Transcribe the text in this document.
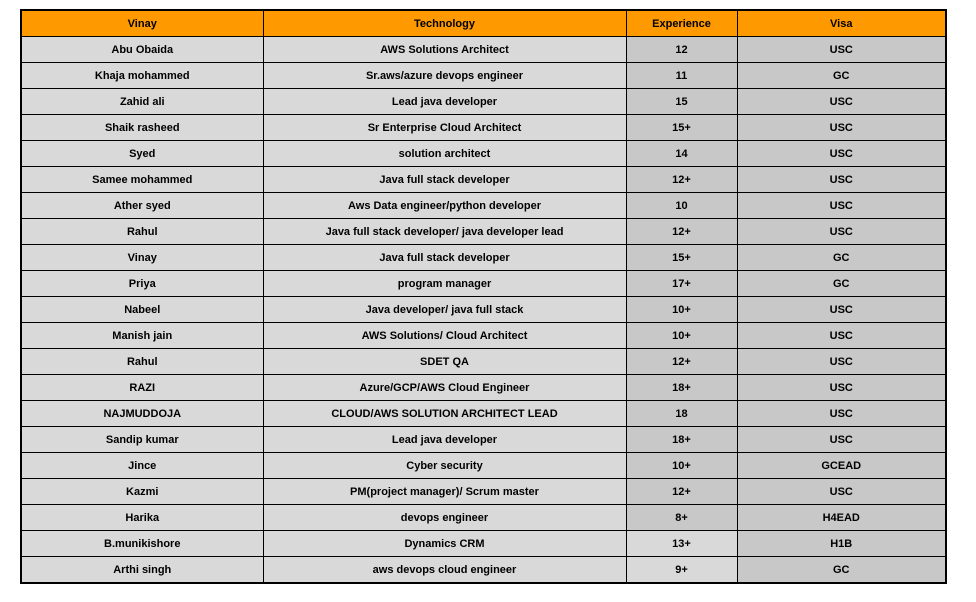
Vinay	Technology	Experience	Visa
Abu Obaida	AWS Solutions Architect	12	USC
Khaja mohammed	Sr.aws/azure devops engineer	11	GC
Zahid ali	Lead java developer	15	USC
Shaik rasheed	Sr Enterprise Cloud Architect	15+	USC
Syed	solution architect	14	USC
Samee mohammed	Java full stack developer	12+	USC
Ather syed	Aws Data engineer/python developer	10	USC
Rahul	Java full stack developer/ java developer lead	12+	USC
Vinay	Java full stack developer	15+	GC
Priya	program manager	17+	GC
Nabeel	Java developer/ java full stack	10+	USC
Manish jain	AWS Solutions/ Cloud Architect	10+	USC
Rahul	SDET QA	12+	USC
RAZI	Azure/GCP/AWS Cloud Engineer	18+	USC
NAJMUDDOJA	CLOUD/AWS SOLUTION ARCHITECT LEAD	18	USC
Sandip kumar	Lead java developer	18+	USC
Jince	Cyber security	10+	GCEAD
Kazmi	PM(project manager)/ Scrum master	12+	USC
Harika	devops engineer	8+	H4EAD
B.munikishore	Dynamics CRM	13+	H1B
Arthi singh	aws devops cloud engineer	9+	GC
